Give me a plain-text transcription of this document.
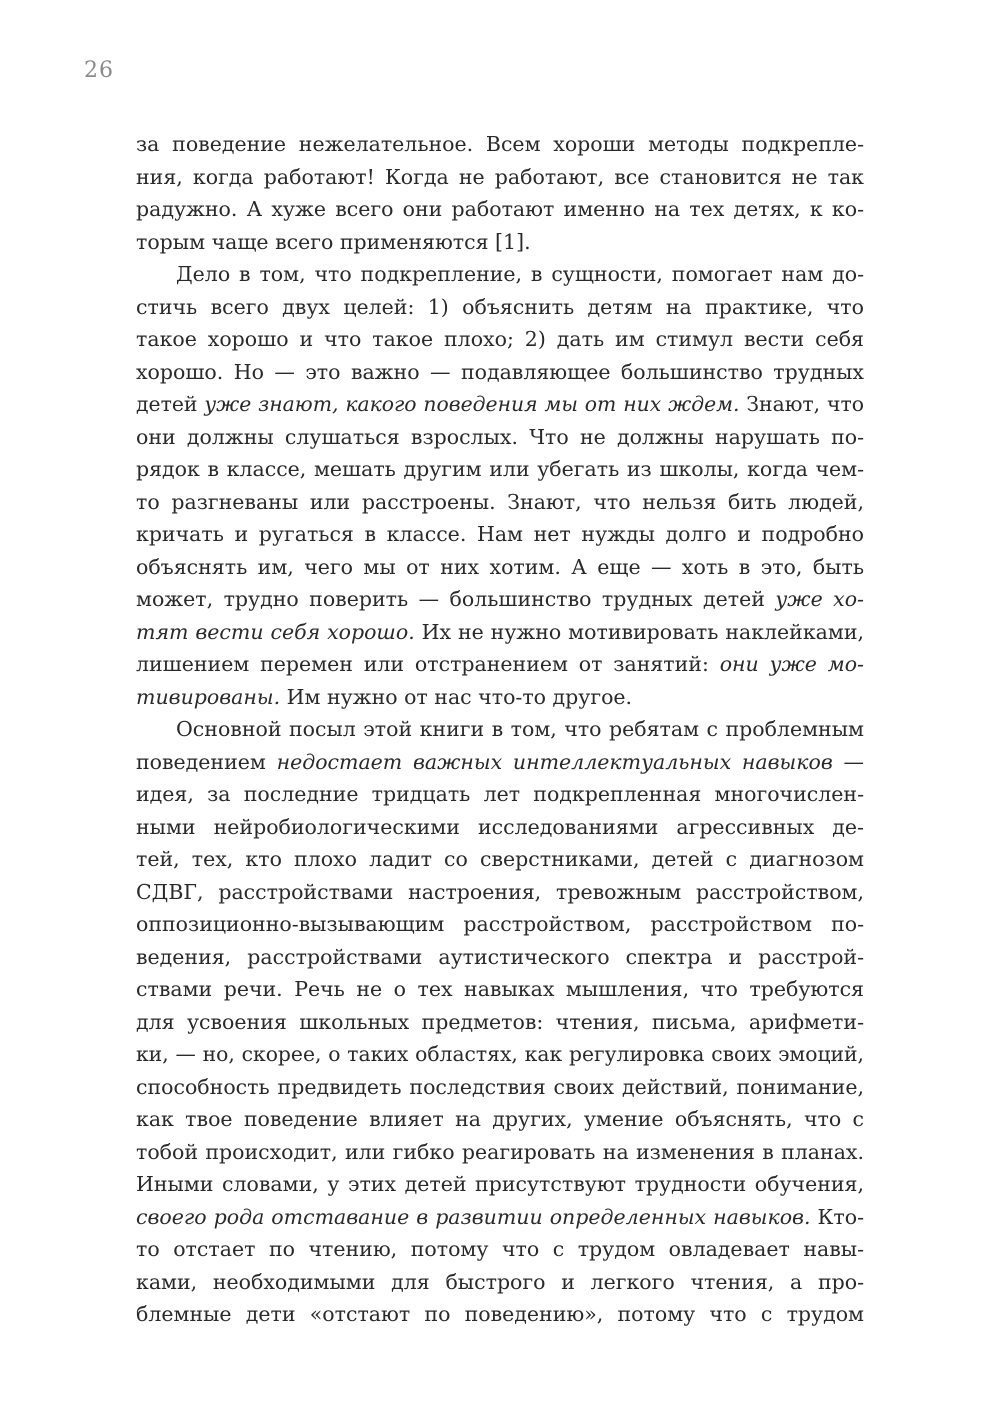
26
за поведение нежелательное. Всем хороши методы подкрепле-
ния, когда работают! Когда не работают, все становится не так
радужно. А хуже всего они работают именно на тех детях, к ко-
торым чаще всего применяются [1].
Дело в том, что подкрепление, в сущности, помогает нам до-
стичь всего двух целей: 1) объяснить детям на практике, что
такое хорошо и что такое плохо; 2) дать им стимул вести себя
хорошо. Но — это важно — подавляющее большинство трудных
детей уже знают, какого поведения мы от них ждем. Знают, что
они должны слушаться взрослых. Что не должны нарушать по-
рядок в классе, мешать другим или убегать из школы, когда чем-
то разгневаны или расстроены. Знают, что нельзя бить людей,
кричать и ругаться в классе. Нам нет нужды долго и подробно
объяснять им, чего мы от них хотим. А еще — хоть в это, быть
может, трудно поверить — большинство трудных детей уже хо-
тят вести себя хорошо. Их не нужно мотивировать наклейками,
лишением перемен или отстранением от занятий: они уже мо-
тивированы. Им нужно от нас что-то другое.
Основной посыл этой книги в том, что ребятам с проблемным
поведением недостает важных интеллектуальных навыков —
идея, за последние тридцать лет подкрепленная многочислен-
ными нейробиологическими исследованиями агрессивных де-
тей, тех, кто плохо ладит со сверстниками, детей с диагнозом
СДВГ, расстройствами настроения, тревожным расстройством,
оппозиционно-вызывающим расстройством, расстройством по-
ведения, расстройствами аутистического спектра и расстрой-
ствами речи. Речь не о тех навыках мышления, что требуются
для усвоения школьных предметов: чтения, письма, арифмети-
ки, — но, скорее, о таких областях, как регулировка своих эмоций,
способность предвидеть последствия своих действий, понимание,
как твое поведение влияет на других, умение объяснять, что с
тобой происходит, или гибко реагировать на изменения в планах.
Иными словами, у этих детей присутствуют трудности обучения,
своего рода отставание в развитии определенных навыков. Кто-
то отстает по чтению, потому что с трудом овладевает навы-
ками, необходимыми для быстрого и легкого чтения, а про-
блемные дети «отстают по поведению», потому что с трудом
